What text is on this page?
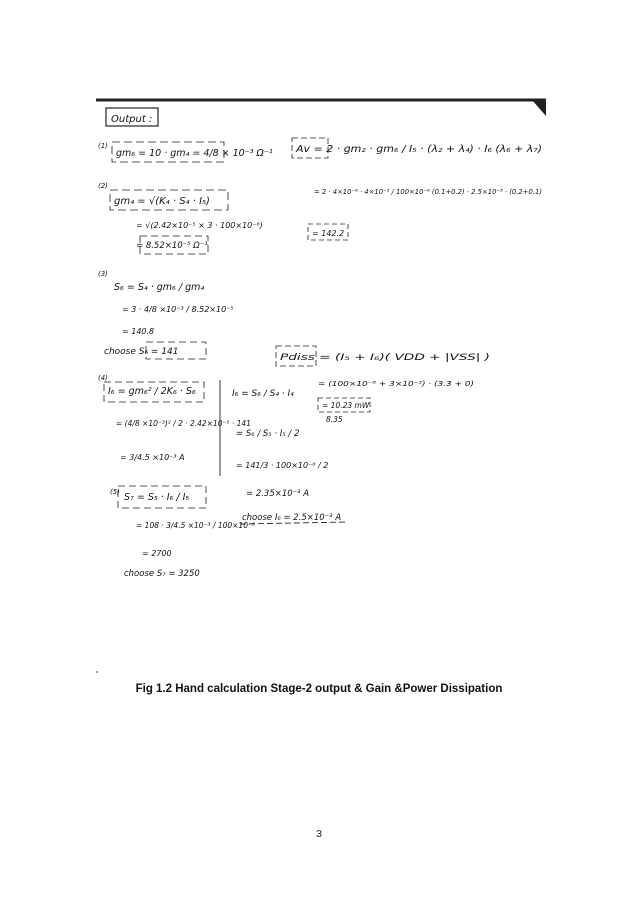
Output :
(1)
gm₆ = 10 · gm₄ = 4/8 × 10⁻³ Ω⁻¹
(2)
gm₄ = √(K₄ · S₄ · I₅)
= √(2.42×10⁻⁵ × 3 · 100×10⁻⁶)
= 8.52×10⁻⁵ Ω⁻¹
(3)
S₆ = S₄ · gm₆ / gm₄
= 3 · 4/8 ×10⁻³ / 8.52×10⁻⁵
= 140.8
choose S₆ = 141
(4)
I₆ = gm₆² / 2K₆ · S₆
= (4/8 ×10⁻³)² / 2 · 2.42×10⁻⁵ · 141
= 3/4.5 ×10⁻³ A
(5) S₇ = S₅ · I₆ / I₅
= 108 · 3/4.5 ×10⁻³ / 100×10⁻⁶
= 2700
choose S₇ = 3250
I₆ = S₆ / S₄ · I₄
= S₆ / S₅ · I₅ / 2
= 141/3 · 100×10⁻⁶ / 2
= 2.35×10⁻³ A
choose I₆ = 2.5×10⁻³ A
Av = 2 · gm₂ · gm₆ / I₅ · (λ₂ + λ₄) · I₆ (λ₆ + λ₇)
= 2 · 4×10⁻⁶ · 4×10⁻³ / 100×10⁻⁶ (0.1+0.2) · 2.5×10⁻³ · (0.2+0.1)
= 142.2
Pdiss = (I₅ + I₆)( VDD + |VSS| )
= (100×10⁻⁶ + 3×10⁻³) · (3.3 + 0)
= 10.23 mW
8.35
Fig 1.2 Hand calculation Stage-2 output & Gain &Power Dissipation
3
